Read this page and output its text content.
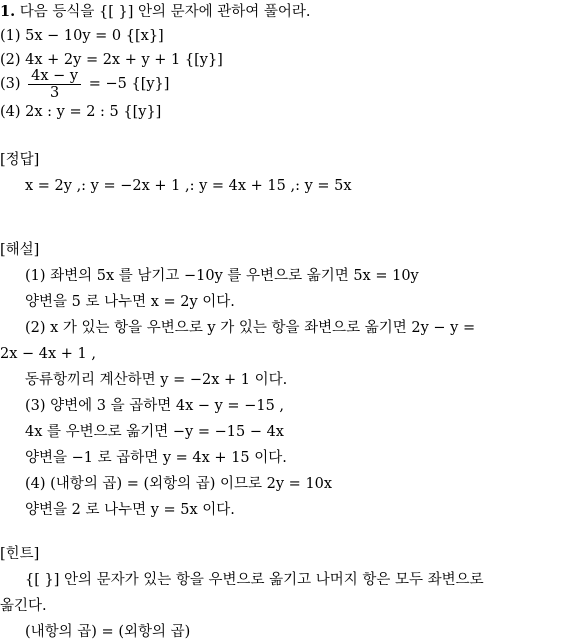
1. 다음 등식을 {[ }] 안의 문자에 관하여 풀어라.
(1) 5x − 10y = 0 {[x}]
(2) 4x + 2y = 2x + y + 1 {[y}]
$(3) \frac{4x - y}{3} = -5$ {[y}]
(4) 2x : y = 2 : 5 {[y}]
[정답]
x = 2y ,: y = −2x + 1 ,: y = 4x + 15 ,: y = 5x
[해설]
(1) 좌변의 5x 를 남기고 −10y 를 우변으로 옮기면 5x = 10y
양변을 5 로 나누면 x = 2y 이다.
(2) x 가 있는 항을 우변으로 y 가 있는 항을 좌변으로 옮기면 2y − y =
2x − 4x + 1 ,
동류항끼리 계산하면 y = −2x + 1 이다.
(3) 양변에 3 을 곱하면 4x − y = −15 ,
4x 를 우변으로 옮기면 −y = −15 − 4x
양변을 −1 로 곱하면 y = 4x + 15 이다.
(4) (내항의 곱) = (외항의 곱) 이므로 2y = 10x
양변을 2 로 나누면 y = 5x 이다.
[힌트]
{[ }] 안의 문자가 있는 항을 우변으로 옮기고 나머지 항은 모두 좌변으로
옮긴다.
(내항의 곱) = (외항의 곱)
